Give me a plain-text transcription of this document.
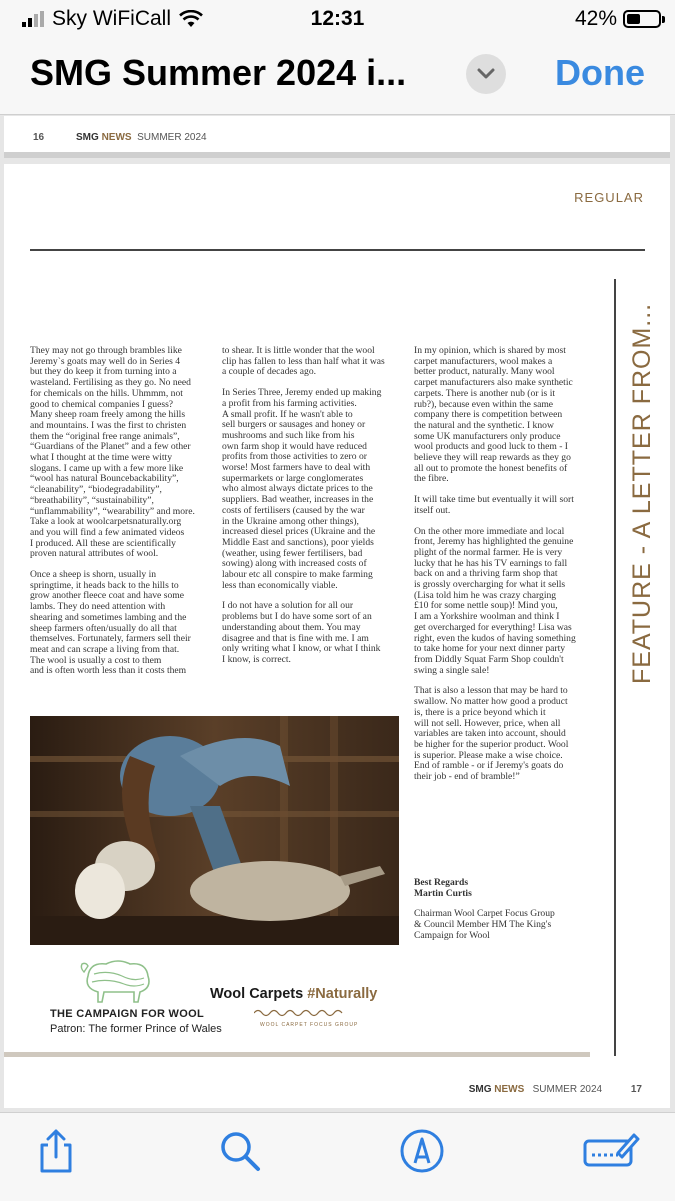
Sky WiFiCall	12:31	42%
SMG Summer 2024 i...	Done
16	SMG NEWS SUMMER 2024
REGULAR
FEATURE - A LETTER FROM...

They may not go through brambles like
Jeremy`s goats may well do in Series 4
but they do keep it from turning into a
wasteland. Fertilising as they go. No need
for chemicals on the hills. Uhmmm, not
good to chemical companies I guess?
Many sheep roam freely among the hills
and mountains. I was the first to christen
them the “original free range animals”,
“Guardians of the Planet” and a few other
what I thought at the time were witty
slogans. I came up with a few more like
“wool has natural Bouncebackability”,
“cleanability”, “biodegradability”,
“breathability”, “sustainability”,
“unflammability”, “wearability” and more.
Take a look at woolcarpetsnaturally.org
and you will find a few animated videos
I produced. All these are scientifically
proven natural attributes of wool.

Once a sheep is shorn, usually in
springtime, it heads back to the hills to
grow another fleece coat and have some
lambs. They do need attention with
shearing and sometimes lambing and the
sheep farmers often/usually do all that
themselves. Fortunately, farmers sell their
meat and can scrape a living from that.
The wool is usually a cost to them
and is often worth less than it costs them

to shear. It is little wonder that the wool
clip has fallen to less than half what it was
a couple of decades ago.

In Series Three, Jeremy ended up making
a profit from his farming activities.
A small profit. If he wasn't able to
sell burgers or sausages and honey or
mushrooms and such like from his
own farm shop it would have reduced
profits from those activities to zero or
worse! Most farmers have to deal with
supermarkets or large conglomerates
who almost always dictate prices to the
suppliers. Bad weather, increases in the
costs of fertilisers (caused by the war
in the Ukraine among other things),
increased diesel prices (Ukraine and the
Middle East and sanctions), poor yields
(weather, using fewer fertilisers, bad
sowing) along with increased costs of
labour etc all conspire to make farming
less than economically viable.

I do not have a solution for all our
problems but I do have some sort of an
understanding about them. You may
disagree and that is fine with me. I am
only writing what I know, or what I think
I know, is correct.

In my opinion, which is shared by most
carpet manufacturers, wool makes a
better product, naturally. Many wool
carpet manufacturers also make synthetic
carpets. There is another nub (or is it
rub?), because even within the same
company there is competition between
the natural and the synthetic. I know
some UK manufacturers only produce
wool products and good luck to them - I
believe they will reap rewards as they go
all out to promote the honest benefits of
the fibre.

It will take time but eventually it will sort
itself out.

On the other more immediate and local
front, Jeremy has highlighted the genuine
plight of the normal farmer. He is very
lucky that he has his TV earnings to fall
back on and a thriving farm shop that
is grossly overcharging for what it sells
(Lisa told him he was crazy charging
£10 for some nettle soup)! Mind you,
I am a Yorkshire woolman and think I
get overcharged for everything! Lisa was
right, even the kudos of having something
to take home for your next dinner party
from Diddly Squat Farm Shop couldn't
swing a single sale!

That is also a lesson that may be hard to
swallow. No matter how good a product
is, there is a price beyond which it
will not sell. However, price, when all
variables are taken into account, should
be higher for the superior product. Wool
is superior. Please make a wise choice.
End of ramble - or if Jeremy's goats do
their job - end of bramble!”

Best Regards
Martin Curtis
Chairman Wool Carpet Focus Group
& Council Member HM The King's
Campaign for Wool
THE CAMPAIGN FOR WOOL
Patron: The former Prince of Wales
Wool Carpets #Naturally
WOOL CARPET FOCUS GROUP
SMG NEWS SUMMER 2024	17
